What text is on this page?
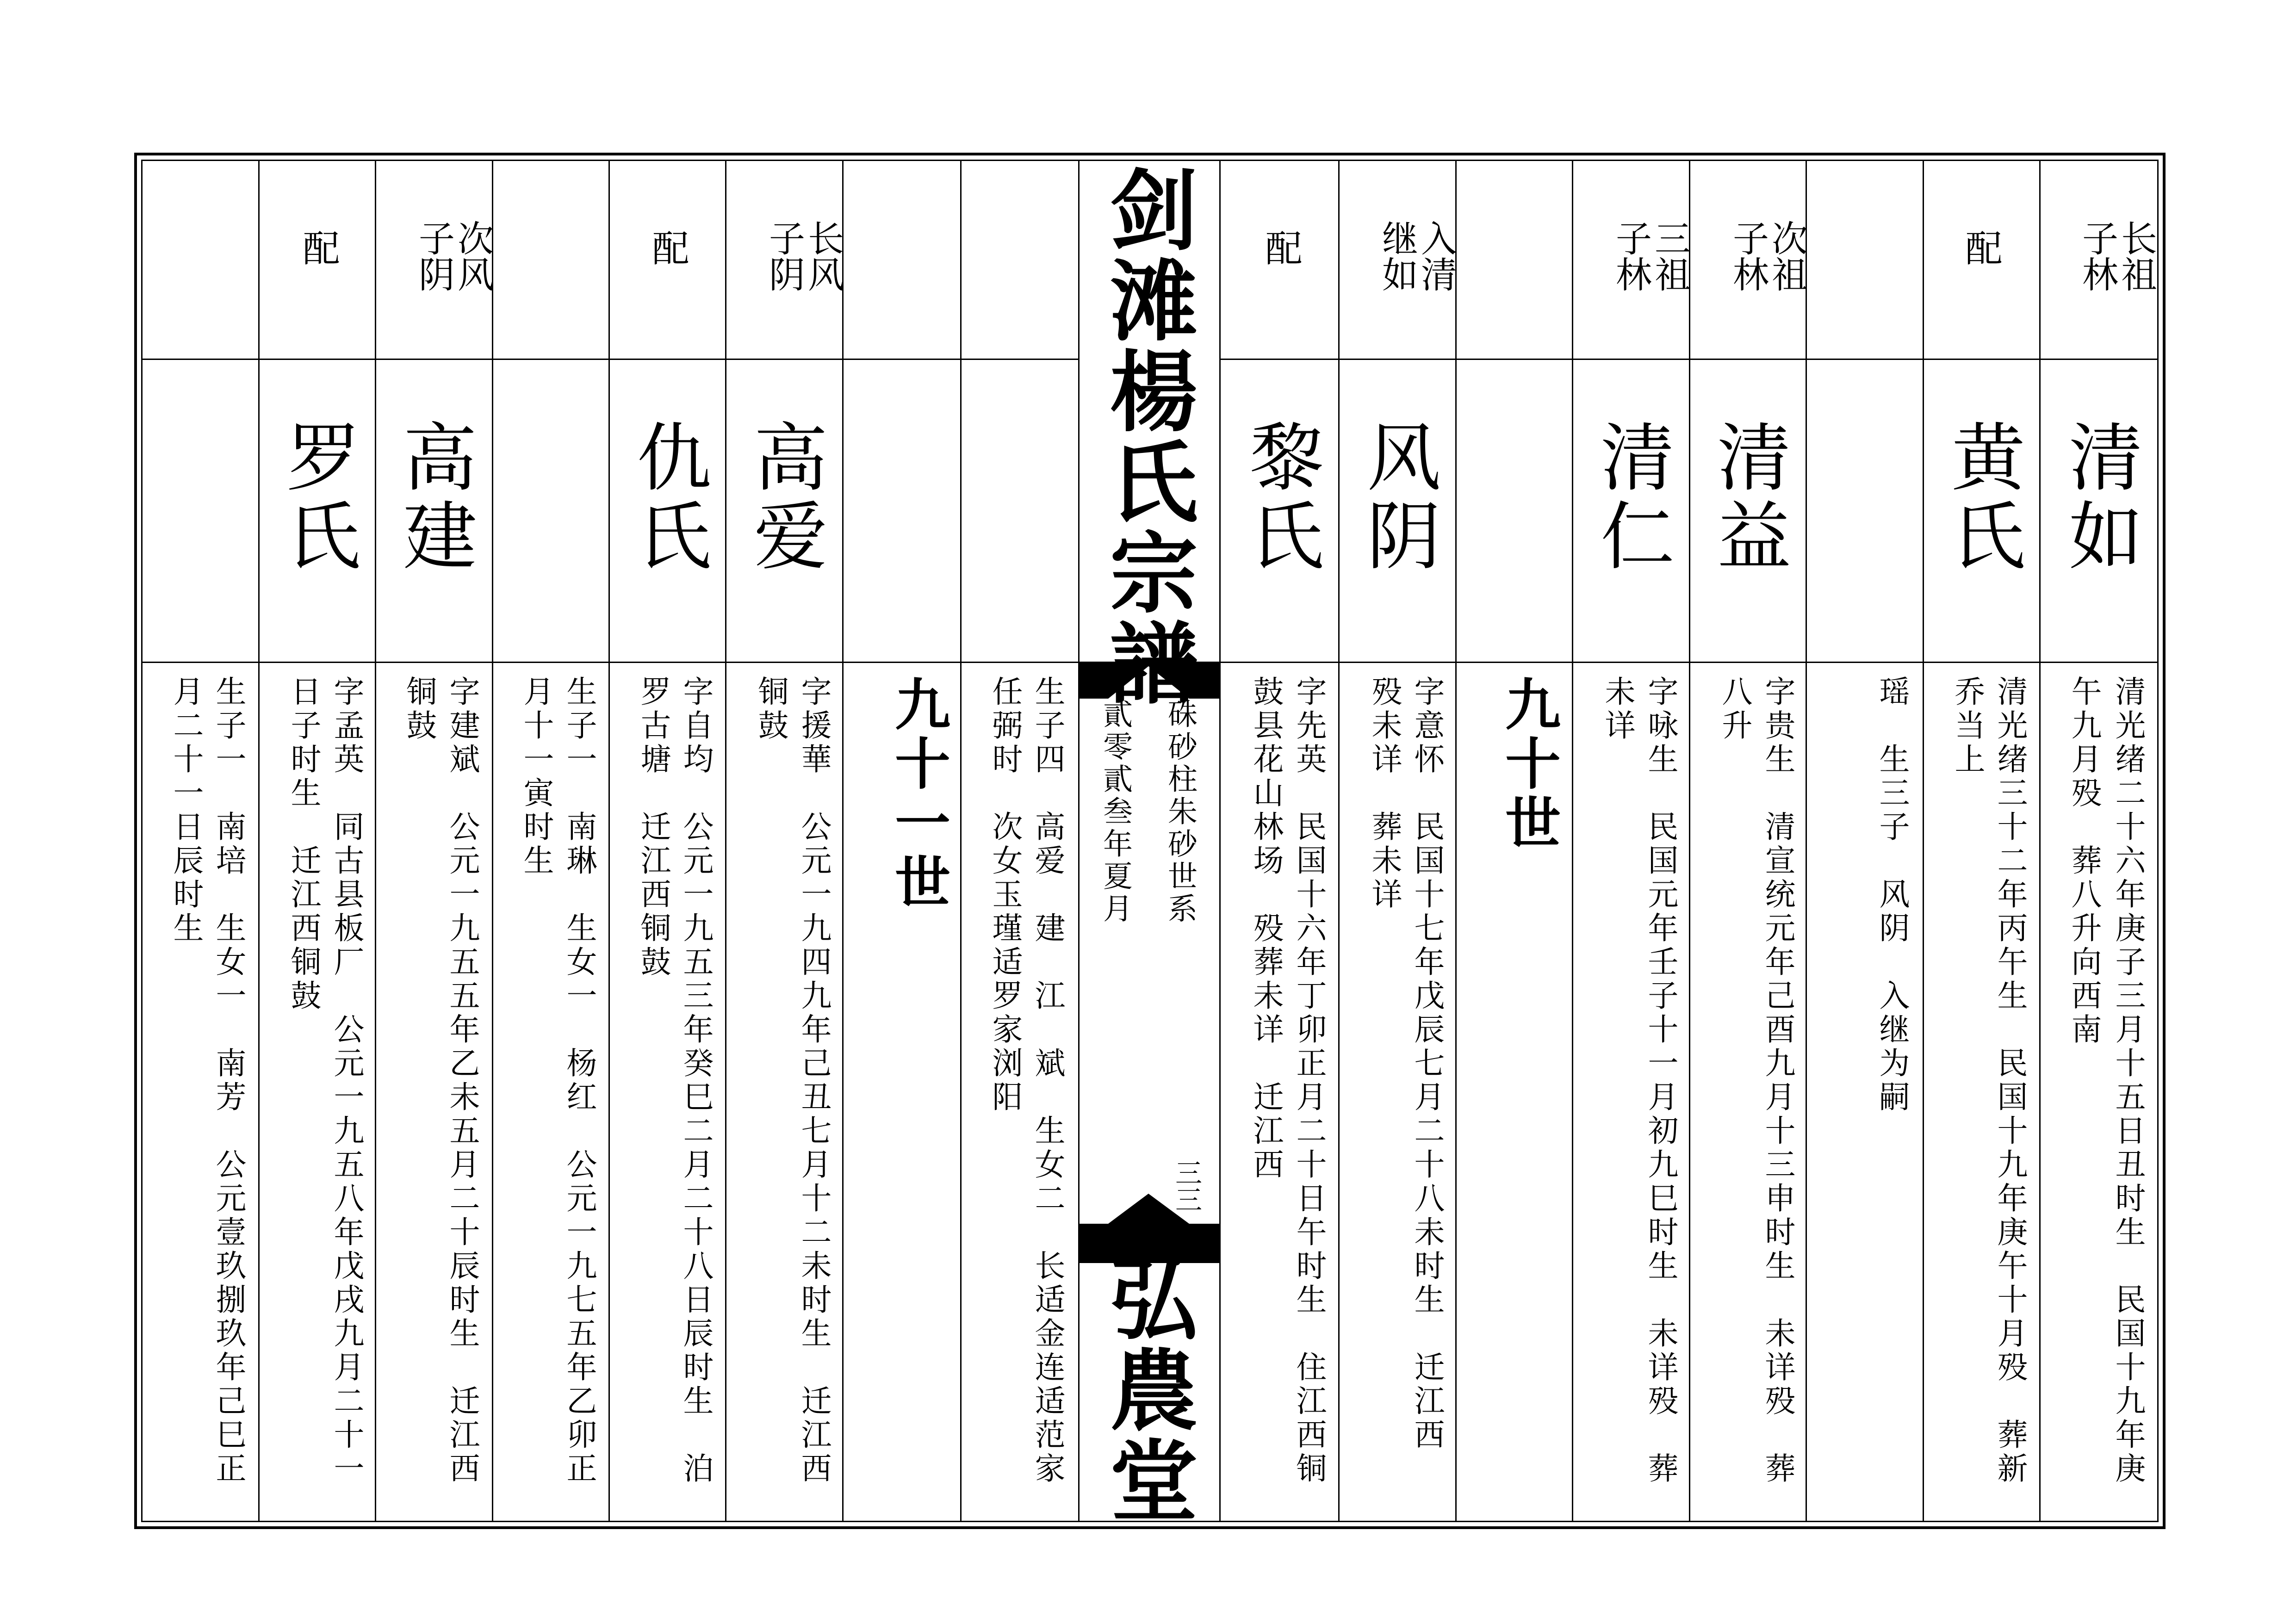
剑滩楊氏宗譜
硃砂柱朱砂世系
貳零貳叁年夏月
三三
弘農堂
九十世
九十一世
长祖
子林
清如
清光绪二十六年庚子三月十五日丑时生　民国十九年庚
午九月殁　葬八升向西南
配
黄氏
清光绪三十二年丙午生　民国十九年庚午十月殁　葬新
乔当上
瑶　生三子　风阴　入继为嗣
次祖
子林
清益
字贵生　清宣统元年己酉九月十三申时生　未详殁　葬
八升
三祖
子林
清仁
字咏生　民国元年壬子十一月初九巳时生　未详殁　葬
未详
入清
继如
风阴
字意怀　民国十七年戊辰七月二十八未时生　迁江西
殁未详　葬未详
配
黎氏
字先英　民国十六年丁卯正月二十日午时生　住江西铜
鼓县花山林场　殁葬未详　迁江西
生子四　高爱　建　江　斌　生女二　长适金连适范家
任弼时　次女玉瑾适罗家浏阳
长风
子阴
高爱
字援華　公元一九四九年己丑七月十二未时生　迁江西
铜鼓
配
仇氏
字自均　公元一九五三年癸巳二月二十八日辰时生　泊
罗古塘　迁江西铜鼓
生子一　南琳　生女一　杨红　公元一九七五年乙卯正
月十一寅时生
次风
子阴
高建
字建斌　公元一九五五年乙未五月二十辰时生　迁江西
铜鼓
配
罗氏
字孟英　同古县板厂　公元一九五八年戊戌九月二十一
日子时生　迁江西铜鼓
生子一　南培　生女一　南芳　公元壹玖捌玖年己巳正
月二十一日辰时生
